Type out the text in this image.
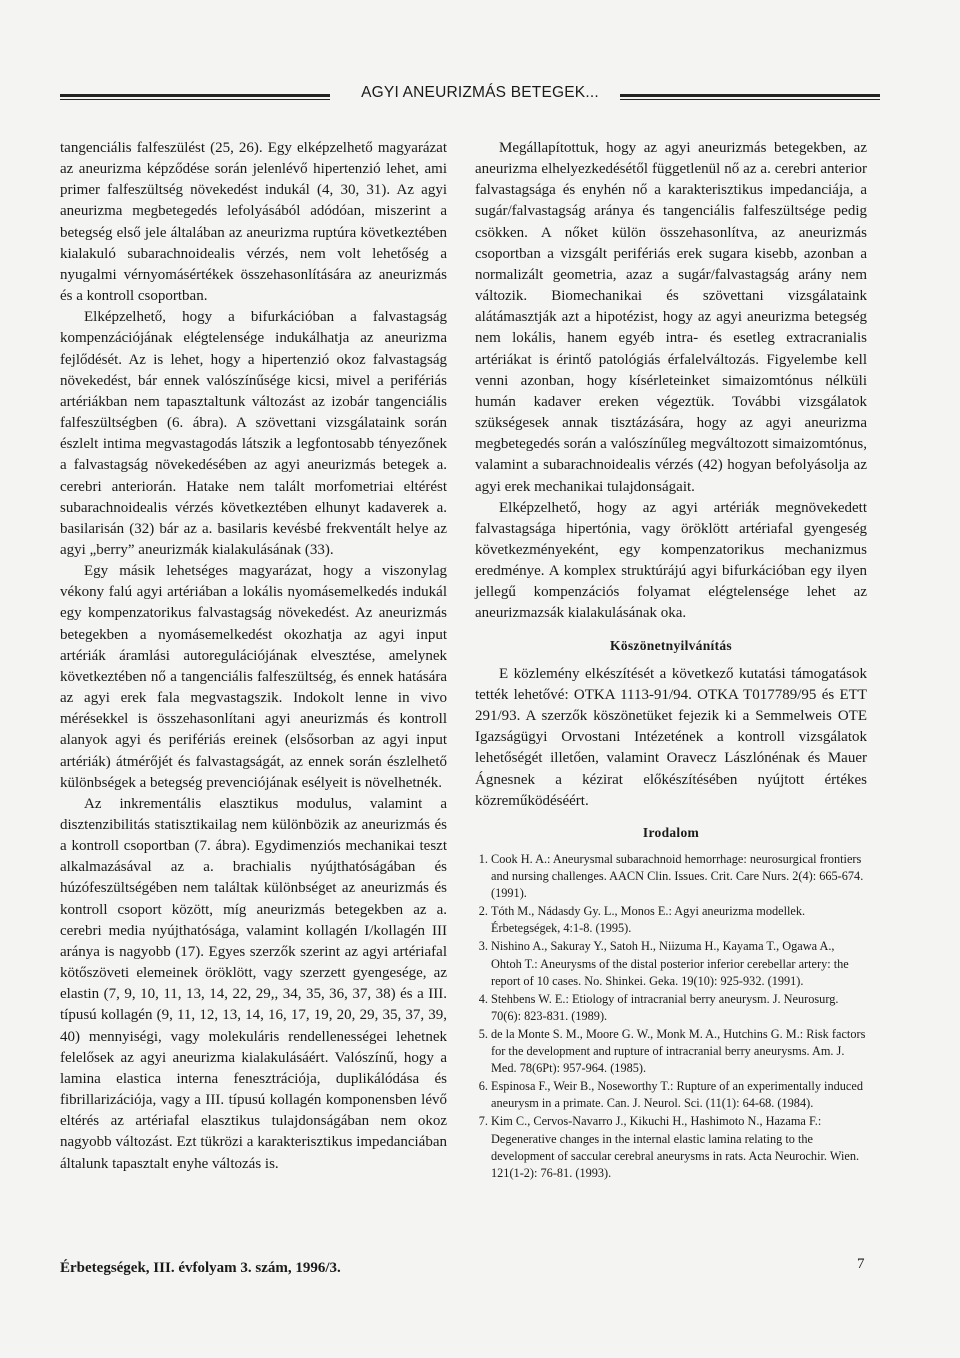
AGYI ANEURIZMÁS BETEGEK...

tangenciális falfeszülést (25, 26). Egy elképzelhető magyarázat az aneurizma képződése során jelenlévő hipertenzió lehet, ami primer falfeszültség növekedést indukál (4, 30, 31). Az agyi aneurizma megbetegedés lefolyásából adódóan, miszerint a betegség első jele általában az aneurizma ruptúra következtében kialakuló subarachnoidealis vérzés, nem volt lehetőség a nyugalmi vérnyomásértékek összehasonlítására az aneurizmás és a kontroll csoportban.

Elképzelhető, hogy a bifurkációban a falvastagság kompenzációjának elégtelensége indukálhatja az aneurizma fejlődését. Az is lehet, hogy a hipertenzió okoz falvastagság növekedést, bár ennek valószínűsége kicsi, mivel a perifériás artériákban nem tapasztaltunk változást az izobár tangenciális falfeszültségben (6. ábra). A szövettani vizsgálataink során észlelt intima megvastagodás látszik a legfontosabb tényezőnek a falvastagság növekedésében az agyi aneurizmás betegek a. cerebri anteriorán. Hatake nem talált morfometriai eltérést subarachnoidealis vérzés következtében elhunyt kadaverek a. basilarisán (32) bár az a. basilaris kevésbé frekventált helye az agyi „berry” aneurizmák kialakulásának (33).

Egy másik lehetséges magyarázat, hogy a viszonylag vékony falú agyi artériában a lokális nyomásemelkedés indukál egy kompenzatorikus falvastagság növekedést. Az aneurizmás betegekben a nyomásemelkedést okozhatja az agyi input artériák áramlási autoregulációjának elvesztése, amelynek következtében nő a tangenciális falfeszültség, és ennek hatására az agyi erek fala megvastagszik. Indokolt lenne in vivo mérésekkel is összehasonlítani agyi aneurizmás és kontroll alanyok agyi és perifériás ereinek (elsősorban az agyi input artériák) átmérőjét és falvastagságát, az ennek során észlelhető különbségek a betegség prevenciójának esélyeit is növelhetnék.

Az inkrementális elasztikus modulus, valamint a disztenzibilitás statisztikailag nem különbözik az aneurizmás és a kontroll csoportban (7. ábra). Egydimenziós mechanikai teszt alkalmazásával az a. brachialis nyújthatóságában és húzófeszültségében nem találtak különbséget az aneurizmás és kontroll csoport között, míg aneurizmás betegekben az a. cerebri media nyújthatósága, valamint kollagén I/kollagén III aránya is nagyobb (17). Egyes szerzők szerint az agyi artériafal kötőszöveti elemeinek öröklött, vagy szerzett gyengesége, az elastin (7, 9, 10, 11, 13, 14, 22, 29,, 34, 35, 36, 37, 38) és a III. típusú kollagén (9, 11, 12, 13, 14, 16, 17, 19, 20, 29, 35, 37, 39, 40) mennyiségi, vagy molekuláris rendellenességei lehetnek felelősek az agyi aneurizma kialakulásáért. Valószínű, hogy a lamina elastica interna fenesztrációja, duplikálódása és fibrillarizációja, vagy a III. típusú kollagén komponensben lévő eltérés az artériafal elasztikus tulajdonságában nem okoz nagyobb változást. Ezt tükrözi a karakterisztikus impedanciában általunk tapasztalt enyhe változás is.

Megállapítottuk, hogy az agyi aneurizmás betegekben, az aneurizma elhelyezkedésétől függetlenül nő az a. cerebri anterior falvastagsága és enyhén nő a karakterisztikus impedanciája, a sugár/falvastagság aránya és tangenciális falfeszültsége pedig csökken. A nőket külön összehasonlítva, az aneurizmás csoportban a vizsgált perifériás erek sugara kisebb, azonban a normalizált geometria, azaz a sugár/falvastagság arány nem változik. Biomechanikai és szövettani vizsgálataink alátámasztják azt a hipotézist, hogy az agyi aneurizma betegség nem lokális, hanem egyéb intra- és esetleg extracranialis artériákat is érintő patológiás érfalelváltozás. Figyelembe kell venni azonban, hogy kísérleteinket simaizomtónus nélküli humán kadaver ereken végeztük. További vizsgálatok szükségesek annak tisztázására, hogy az agyi aneurizma megbetegedés során a valószínűleg megváltozott simaizomtónus, valamint a subarachnoidealis vérzés (42) hogyan befolyásolja az agyi erek mechanikai tulajdonságait.

Elképzelhető, hogy az agyi artériák megnövekedett falvastagsága hipertónia, vagy öröklött artériafal gyengeség következményeként, egy kompenzatorikus mechanizmus eredménye. A komplex struktúrájú agyi bifurkációban egy ilyen jellegű kompenzációs folyamat elégtelensége lehet az aneurizmazsák kialakulásának oka.

Köszönetnyilvánítás

E közlemény elkészítését a következő kutatási támogatások tették lehetővé: OTKA 1113-91/94. OTKA T017789/95 és ETT 291/93. A szerzők köszönetüket fejezik ki a Semmelweis OTE Igazságügyi Orvostani Intézetének a kontroll vizsgálatok lehetőségét illetően, valamint Oravecz Lászlónénak és Mauer Ágnesnek a kézirat előkészítésében nyújtott értékes közreműködéséért.

Irodalom
1. Cook H. A.: Aneurysmal subarachnoid hemorrhage: neurosurgical frontiers and nursing challenges. AACN Clin. Issues. Crit. Care Nurs. 2(4): 665-674. (1991).
2. Tóth M., Nádasdy Gy. L., Monos E.: Agyi aneurizma modellek. Érbetegségek, 4:1-8. (1995).
3. Nishino A., Sakuray Y., Satoh H., Niizuma H., Kayama T., Ogawa A., Ohtoh T.: Aneurysms of the distal posterior inferior cerebellar artery: the report of 10 cases. No. Shinkei. Geka. 19(10): 925-932. (1991).
4. Stehbens W. E.: Etiology of intracranial berry aneurysm. J. Neurosurg. 70(6): 823-831. (1989).
5. de la Monte S. M., Moore G. W., Monk M. A., Hutchins G. M.: Risk factors for the development and rupture of intracranial berry aneurysms. Am. J. Med. 78(6Pt): 957-964. (1985).
6. Espinosa F., Weir B., Noseworthy T.: Rupture of an experimentally induced aneurysm in a primate. Can. J. Neurol. Sci. (11(1): 64-68. (1984).
7. Kim C., Cervos-Navarro J., Kikuchi H., Hashimoto N., Hazama F.: Degenerative changes in the internal elastic lamina relating to the development of saccular cerebral aneurysms in rats. Acta Neurochir. Wien. 121(1-2): 76-81. (1993).
Érbetegségek, III. évfolyam 3. szám, 1996/3.	7
